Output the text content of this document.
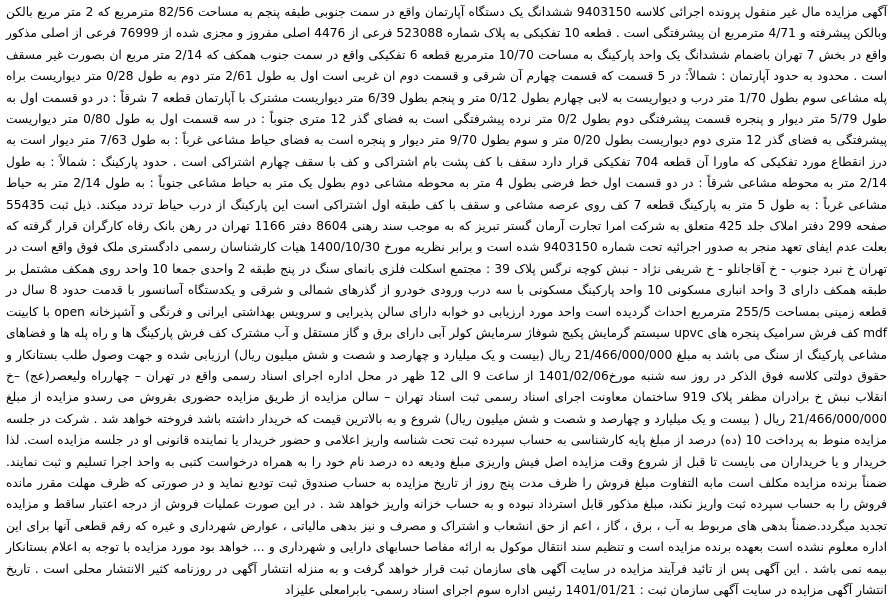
آگهی مزایده مال غیر منقول پرونده اجرائی کلاسه 9403150 ششدانگ یک دستگاه آپارتمان واقع در سمت جنوبی طبقه پنجم به مساحت 82/56 مترمربع که 2 متر مربع بالکن وبالکن پیشرفته و 4/71 مترمربع ان پیشرفتگی است . قطعه 10 تفکیکی به پلاک شماره 523088 فرعی از 4476 اصلی مفروز و مجزی شده از 76999 فرعی از اصلی مذکور واقع در بخش 7 تهران باضمام ششدانگ یک واحد پارکینگ به مساحت 10/70 مترمربع قطعه 6 تفکیکی واقع در سمت جنوب همکف که 2/14 متر مربع ان بصورت غیر مسقف است . محدود به حدود آپارتمان : شمالاً: در 5 قسمت که قسمت چهارم آن شرقی و قسمت دوم ان غربی است اول به طول 2/61 متر دوم به طول 0/28 متر دیواریست براه پله مشاعی سوم بطول 1/70 متر درب و دیواریست به لابی چهارم بطول 0/12 متر و پنجم بطول 6/39 متر دیواریست مشترک با آپارتمان قطعه 7 شرقاً : در دو قسمت اول به طول 5/79 متر دیوار و پنجره قسمت پیشرفتگی دوم بطول 0/2 متر نرده پیشرفتگی است به فضای گذر 12 متری جنوباً : در سه قسمت اول به طول 0/80 متر دیواریست پیشرفتگی به فضای گذر 12 متری دوم دیواریست بطول 0/20 متر و سوم بطول 9/70 متر دیوار و پنجره است به فضای حیاط مشاعی غرباً : به طول 7/63 متر دیوار است به درز انقطاع مورد تفکیکی که ماورا آن قطعه 704 تفکیکی قرار دارد سقف با کف پشت بام اشتراکی و کف با سقف چهارم اشتراکی است . حدود پارکینگ : شمالاً : به طول 2/14 متر به محوطه مشاعی شرقاً : در دو قسمت اول خط فرضی بطول 4 متر به محوطه مشاعی دوم بطول یک متر به حیاط مشاعی جنوباً : به طول 2/14 متر به حیاط مشاعی غرباً : به طول 5 متر به پارکینگ قطعه 7 کف روی عرصه مشاعی و سقف با کف طبقه اول اشتراکی است این پارکینگ از درب حیاط تردد میکند. ذیل ثبت 55435 صفحه 299 دفتر املاک جلد 425 متعلق به شرکت امرا تجارت آرمان گستر تبریز که به موجب سند رهنی 8604 دفتر 1166 تهران در رهن بانک رفاه کارگران قرار گرفته که بعلت عدم ایفای تعهد منجر به صدور اجرائیه تحت شماره 9403150 شده است و برابر نظریه مورخ 1400/10/30 هیات کارشناسان رسمی دادگستری ملک فوق واقع است در تهران خ نبرد جنوب - خ آقاجانلو - خ شریفی نژاد - نبش کوچه نرگس پلاک 39 : مجتمع اسکلت فلزی بانمای سنگ در پنج طبقه 2 واحدی جمعا 10 واحد روی همکف مشتمل بر طبقه همکف دارای 3 واحد انباری مسکونی 10 واحد پارکینگ مسکونی با سه درب ورودی خودرو از گذرهای شمالی و شرقی و یکدستگاه آسانسور با قدمت حدود 8 سال در قطعه زمینی بمساحت 255/5 مترمربع احداث گردیده است واحد مورد ارزیابی دو خوابه دارای سالن پذیرایی و سرویس بهداشتی ایرانی و فرنگی و آشپزخانه open با کابینت mdf کف فرش سرامیک پنجره های upvc سیستم گرمایش پکیج شوفاژ سرمایش کولر آبی دارای برق و گاز مستقل و آب مشترک کف فرش پارکینگ ها و راه پله ها و فضاهای مشاعی پارکینگ از سنگ می باشد به مبلغ 21/466/000/000 ریال (بیست و یک میلیارد و چهارصد و شصت و شش میلیون ریال) ارزیابی شده و جهت وصول طلب بستانکار و حقوق دولتی کلاسه فوق الذکر در روز سه شنبه مورخ1401/02/06 از ساعت 9 الی 12 ظهر در محل اداره اجرای اسناد رسمی واقع در تهران – چهارراه ولیعصر(عج) –خ انقلاب نبش خ برادران مظفر پلاک 919 ساختمان معاونت اجرای اسناد رسمی ثبت اسناد تهران – سالن مزایده از طریق مزایده حضوری بفروش می رسدو مزایده از مبلغ 21/466/000/000 ریال ( بیست و یک میلیارد و چهارصد و شصت و شش میلیون ریال) شروع و به بالاترین قیمت که خریدار داشته باشد فروخته خواهد شد . شرکت در جلسه مزایده منوط به پرداخت 10 (ده) درصد از مبلغ پایه کارشناسی به حساب سپرده ثبت تحت شناسه واریز اعلامی و حضور خریدار یا نماینده قانونی او در جلسه مزایده است. لذا خریدار و یا خریداران می بایست تا قبل از شروع وقت مزایده اصل فیش واریزی مبلغ ودیعه ده درصد نام خود را به همراه درخواست کتبی به واحد اجرا تسلیم و ثبت نمایند. ضمناً برنده مزایده مکلف است مابه التفاوت مبلغ فروش را ظرف مدت پنج روز از تاریخ مزایده به حساب صندوق ثبت تودیع نماید و در صورتی که ظرف مهلت مقرر مانده فروش را به حساب سپرده ثبت واریز نکند، مبلغ مذکور قابل استرداد نبوده و به حساب خزانه واریز خواهد شد . در این صورت عملیات فروش از درجه اعتبار ساقط و مزایده تجدید میگردد.ضمناً بدهی های مربوط به آب ، برق ، گاز ، اعم از حق انشعاب و اشتراک و مصرف و نیز بدهی مالیاتی ، عوارض شهرداری و غیره که رقم قطعی آنها برای این اداره معلوم نشده است بعهده برنده مزایده است و تنظیم سند انتقال موکول به ارائه مفاصا حسابهای دارایی و شهرداری و ... خواهد بود مورد مزایده با توجه به اعلام بستانکار بیمه نمی باشد . این آگهی پس از تائید فرآیند مزایده در سایت آگهی های سازمان ثبت قرار خواهد گرفت و به منزله انتشار آگهی در روزنامه کثیر الانتشار محلی است . تاریخ انتشار آگهی مزایده در سایت آگهی سازمان ثبت : 1401/01/21 رئیس اداره سوم اجرای اسناد رسمی- بابرامعلی علیزاد
